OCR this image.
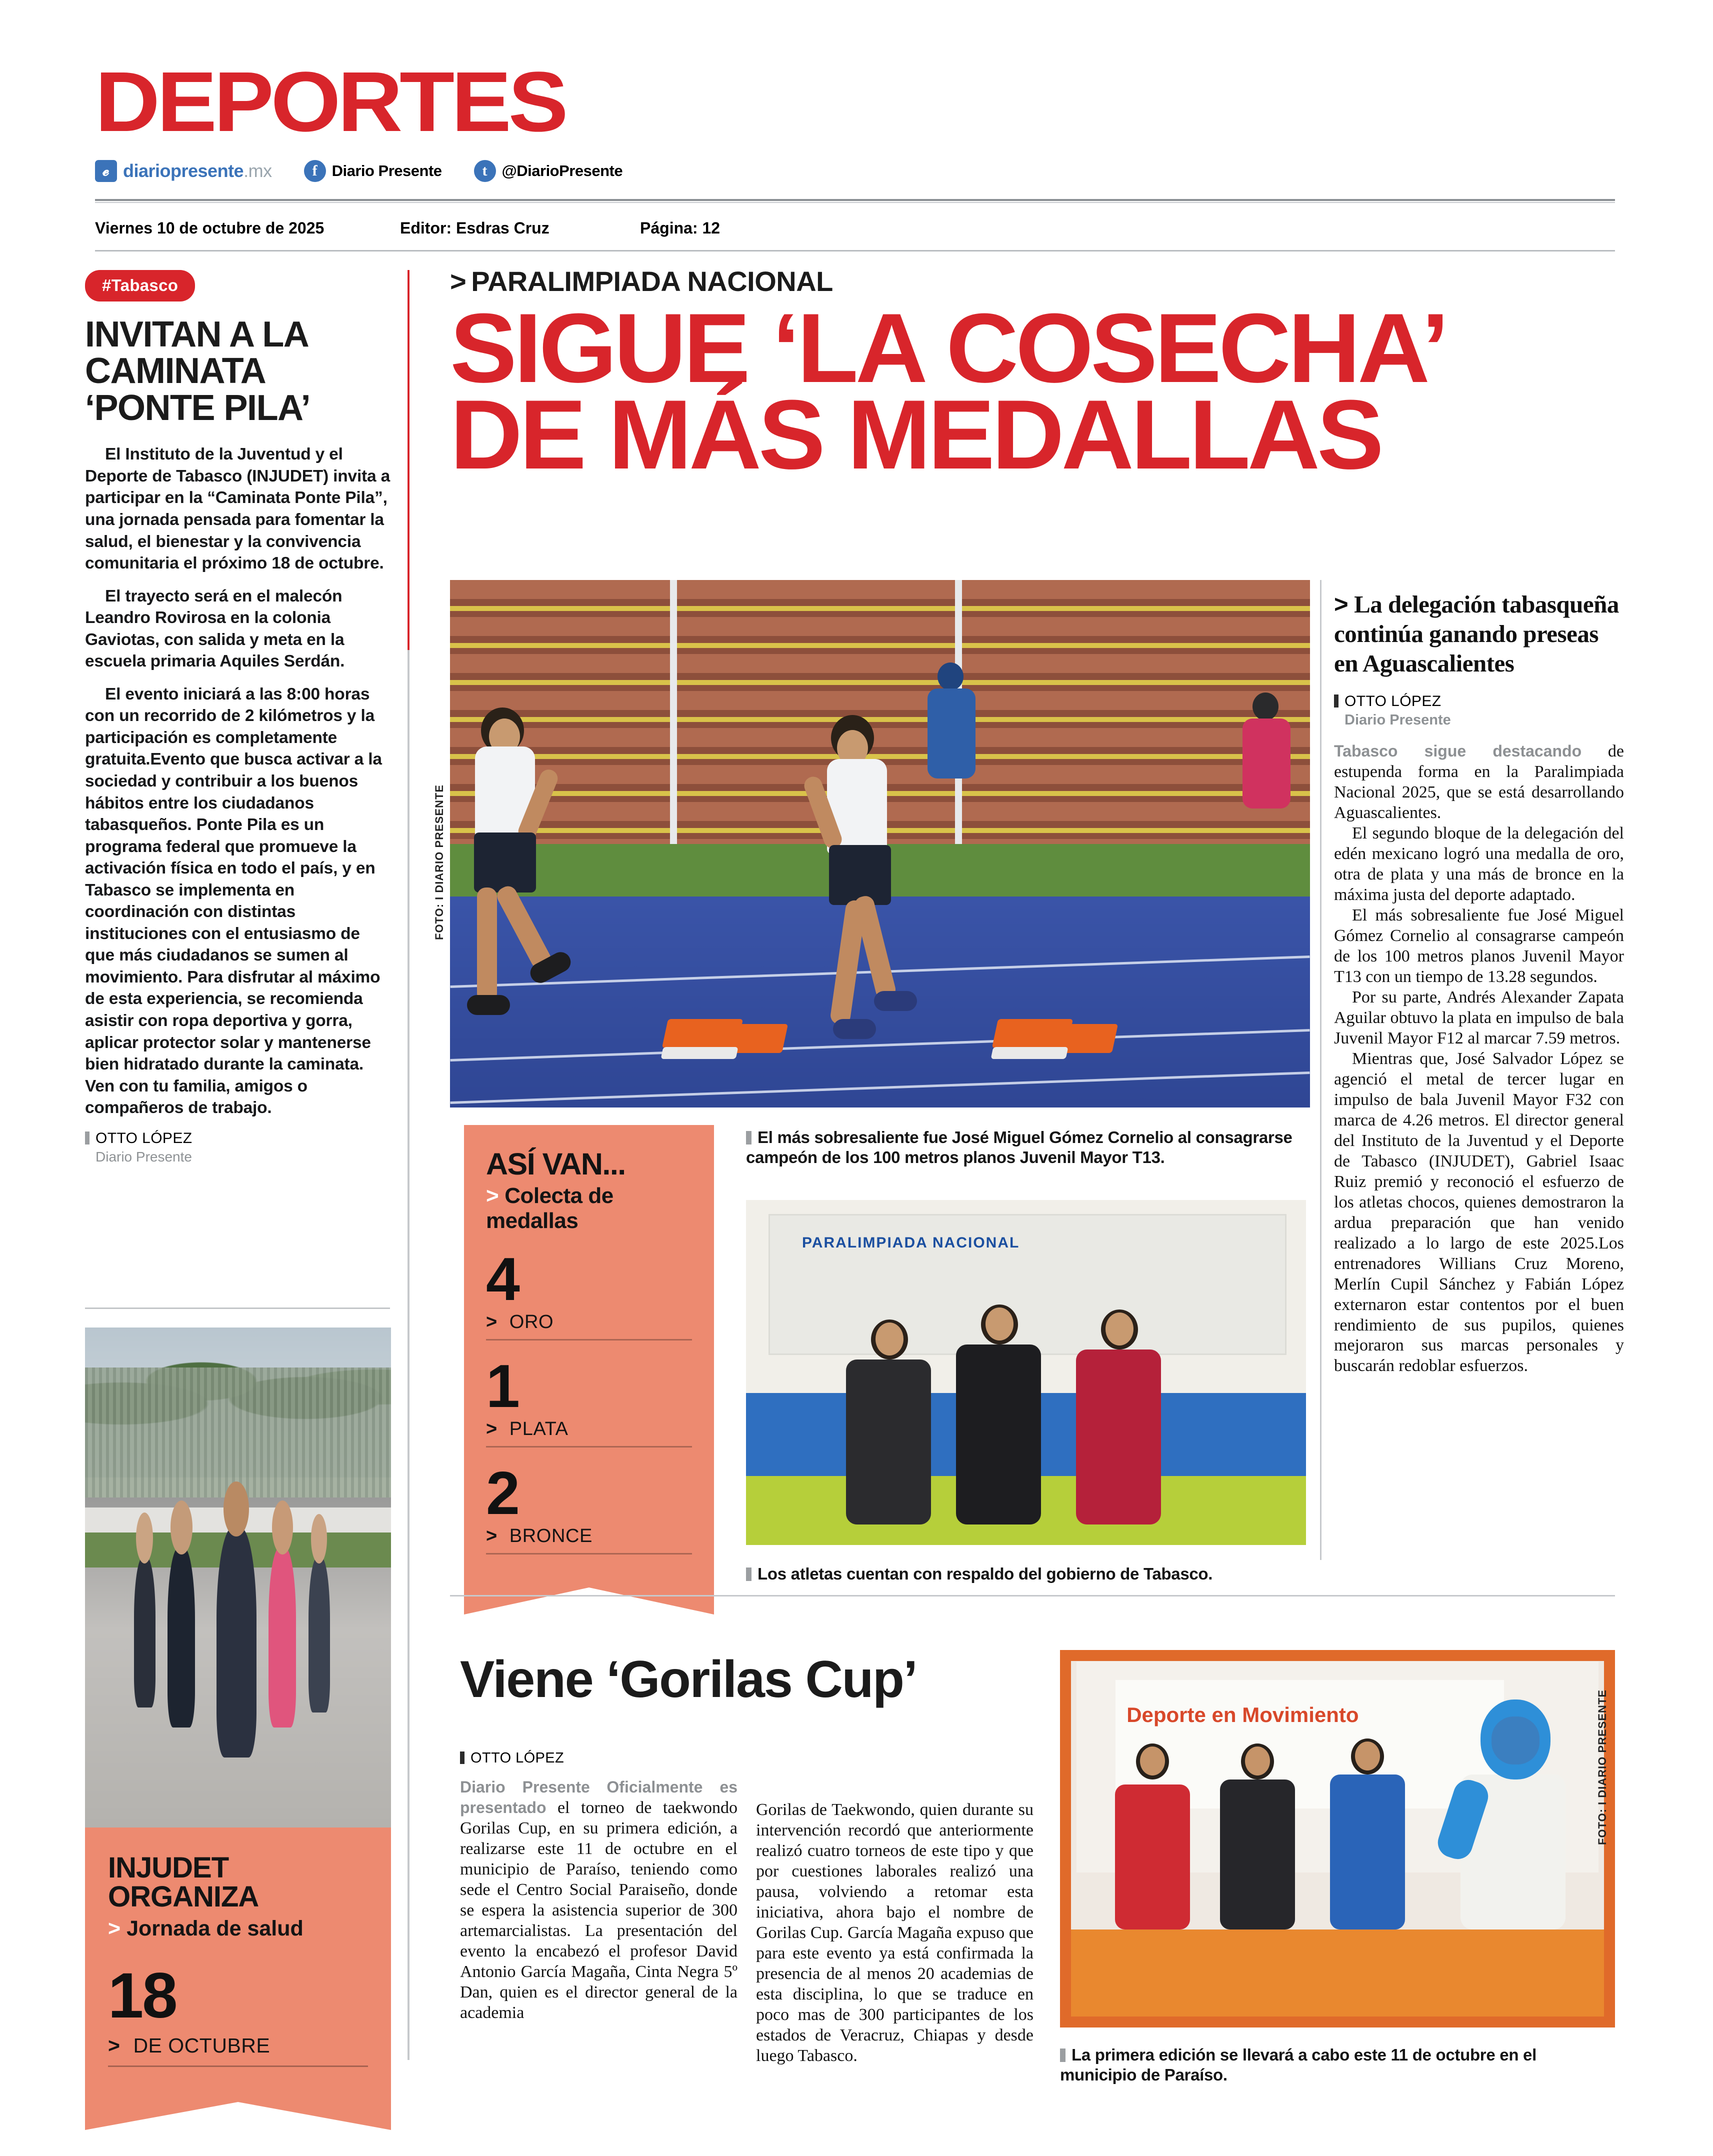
DEPORTES
𝓮 diariopresente.mx	f Diario Presente	t @DiarioPresente
Viernes 10 de octubre de 2025	Editor: Esdras Cruz	Página: 12
#Tabasco
INVITAN A LA CAMINATA ‘PONTE PILA’

El Instituto de la Juventud y el Deporte de Tabasco (INJUDET) invita a participar en la “Caminata Ponte Pila”, una jornada pensada para fomentar la salud, el bienestar y la convivencia comunitaria el próximo 18 de octubre.

El trayecto será en el malecón Leandro Rovirosa en la colonia Gaviotas, con salida y meta en la escuela primaria Aquiles Serdán.

El evento iniciará a las 8:00 horas con un recorrido de 2 kilómetros y la participación es completamente gratuita.Evento que busca activar a la sociedad y contribuir a los buenos hábitos entre los ciudadanos tabasqueños. Ponte Pila es un programa federal que promueve la activación física en todo el país, y en Tabasco se implementa en coordinación con distintas instituciones con el entusiasmo de que más ciudadanos se sumen al movimiento. Para disfrutar al máximo de esta experiencia, se recomienda asistir con ropa deportiva y gorra, aplicar protector solar y mantenerse bien hidratado durante la caminata. Ven con tu familia, amigos o compañeros de trabajo.

OTTO LÓPEZ
Diario Presente
INJUDET ORGANIZA
> Jornada de salud
18
> DE OCTUBRE
> PARALIMPIADA NACIONAL
SIGUE ‘LA COSECHA’
DE MÁS MEDALLAS
FOTO: I DIARIO PRESENTE
El más sobresaliente fue José Miguel Gómez Cornelio al consagrarse campeón de los 100 metros planos Juvenil Mayor T13.
ASÍ VAN...
> Colecta de medallas
4
> ORO
1
> PLATA
2
> BRONCE
PARALIMPIADA NACIONAL
Los atletas cuentan con respaldo del gobierno de Tabasco.
> La delegación tabasqueña continúa ganando preseas en Aguascalientes
OTTO LÓPEZ
Diario Presente

Tabasco sigue destacando de estupenda forma en la Paralimpiada Nacional 2025, que se está desarrollando Aguascalientes.

El segundo bloque de la delegación del edén mexicano logró una medalla de oro, otra de plata y una más de bronce en la máxima justa del deporte adaptado.

El más sobresaliente fue José Miguel Gómez Cornelio al consagrarse campeón de los 100 metros planos Juvenil Mayor T13 con un tiempo de 13.28 segundos.

Por su parte, Andrés Alexander Zapata Aguilar obtuvo la plata en impulso de bala Juvenil Mayor F12 al marcar 7.59 metros.

Mientras que, José Salvador López se agenció el metal de tercer lugar en impulso de bala Juvenil Mayor F32 con marca de 4.26 metros. El director general del Instituto de la Juventud y el Deporte de Tabasco (INJUDET), Gabriel Isaac Ruiz premió y reconoció el esfuerzo de los atletas chocos, quienes demostraron la ardua preparación que han venido realizado a lo largo de este 2025.Los entrenadores Willians Cruz Moreno, Merlín Cupil Sánchez y Fabián López externaron estar contentos por el buen rendimiento de sus pupilos, quienes mejoraron sus marcas personales y buscarán redoblar esfuerzos.

Viene ‘Gorilas Cup’
OTTO LÓPEZ

Diario Presente Oficialmente es presentado el torneo de taekwondo Gorilas Cup, en su primera edición, a realizarse este 11 de octubre en el municipio de Paraíso, teniendo como sede el Centro Social Paraiseño, donde se espera la asistencia superior de 300 artemarcialistas. La presentación del evento la encabezó el profesor David Antonio García Magaña, Cinta Negra 5º Dan, quien es el director general de la academia

Gorilas de Taekwondo, quien durante su intervención recordó que anteriormente realizó cuatro torneos de este tipo y que por cuestiones laborales realizó una pausa, volviendo a retomar esta iniciativa, ahora bajo el nombre de Gorilas Cup. García Magaña expuso que para este evento ya está confirmada la presencia de al menos 20 academias de esta disciplina, lo que se traduce en poco mas de 300 participantes de los estados de Veracruz, Chiapas y desde luego Tabasco.

Deporte en Movimiento	FOTO: I DIARIO PRESENTE
La primera edición se llevará a cabo este 11 de octubre en el municipio de Paraíso.
